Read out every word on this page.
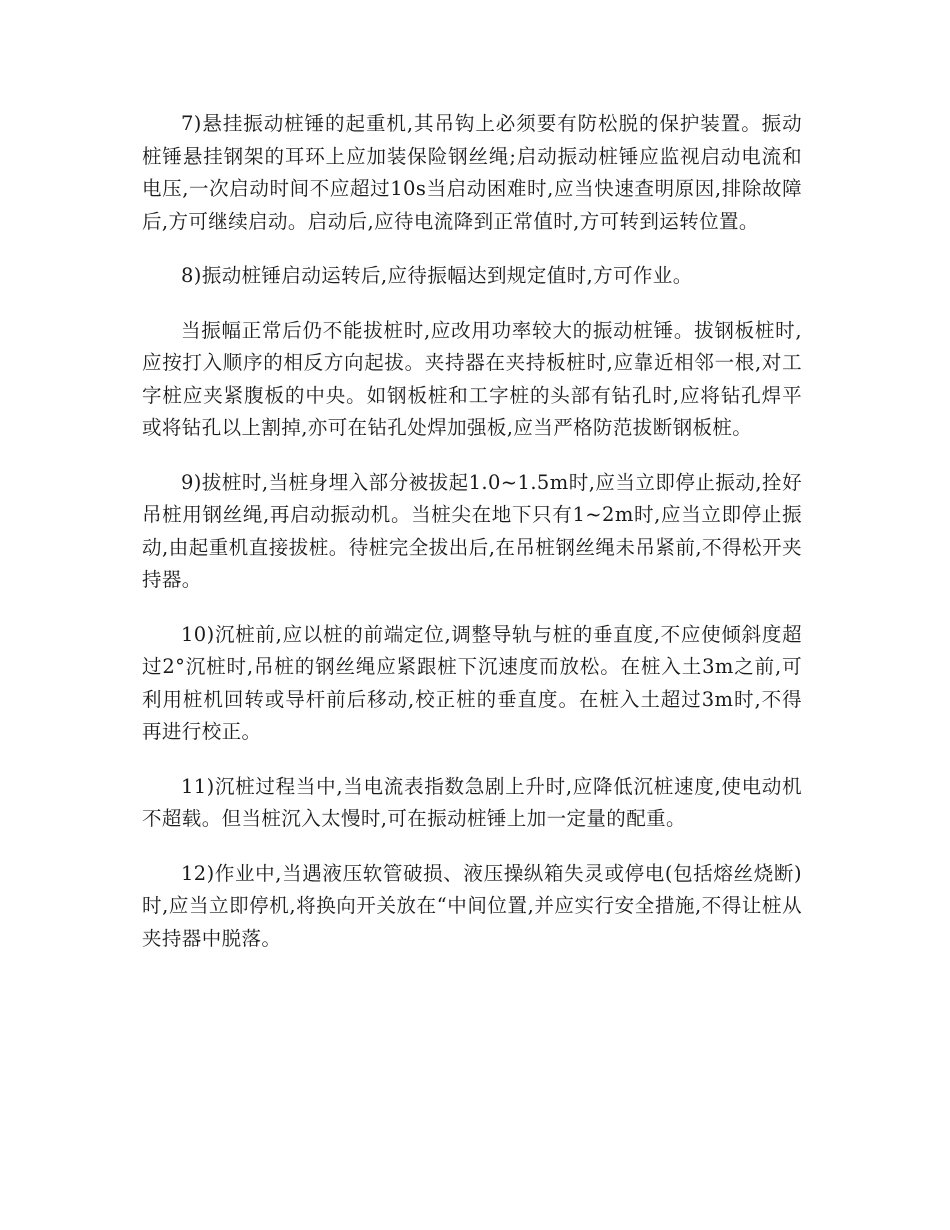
7)悬挂振动桩锤的起重机,其吊钩上必须要有防松脱的保护装置。振动桩锤悬挂钢架的耳环上应加装保险钢丝绳;启动振动桩锤应监视启动电流和电压,一次启动时间不应超过10s当启动困难时,应当快速查明原因,排除故障后,方可继续启动。启动后,应待电流降到正常值时,方可转到运转位置。

8)振动桩锤启动运转后,应待振幅达到规定值时,方可作业。

当振幅正常后仍不能拔桩时,应改用功率较大的振动桩锤。拔钢板桩时,应按打入顺序的相反方向起拔。夹持器在夹持板桩时,应靠近相邻一根,对工字桩应夹紧腹板的中央。如钢板桩和工字桩的头部有钻孔时,应将钻孔焊平或将钻孔以上割掉,亦可在钻孔处焊加强板,应当严格防范拔断钢板桩。

9)拔桩时,当桩身埋入部分被拔起1.0~1.5m时,应当立即停止振动,拴好吊桩用钢丝绳,再启动振动机。当桩尖在地下只有1~2m时,应当立即停止振动,由起重机直接拔桩。待桩完全拔出后,在吊桩钢丝绳未吊紧前,不得松开夹持器。

10)沉桩前,应以桩的前端定位,调整导轨与桩的垂直度,不应使倾斜度超过2°沉桩时,吊桩的钢丝绳应紧跟桩下沉速度而放松。在桩入土3m之前,可利用桩机回转或导杆前后移动,校正桩的垂直度。在桩入土超过3m时,不得再进行校正。

11)沉桩过程当中,当电流表指数急剧上升时,应降低沉桩速度,使电动机不超载。但当桩沉入太慢时,可在振动桩锤上加一定量的配重。

12)作业中,当遇液压软管破损、液压操纵箱失灵或停电(包括熔丝烧断)时,应当立即停机,将换向开关放在“中间位置,并应实行安全措施,不得让桩从夹持器中脱落。
